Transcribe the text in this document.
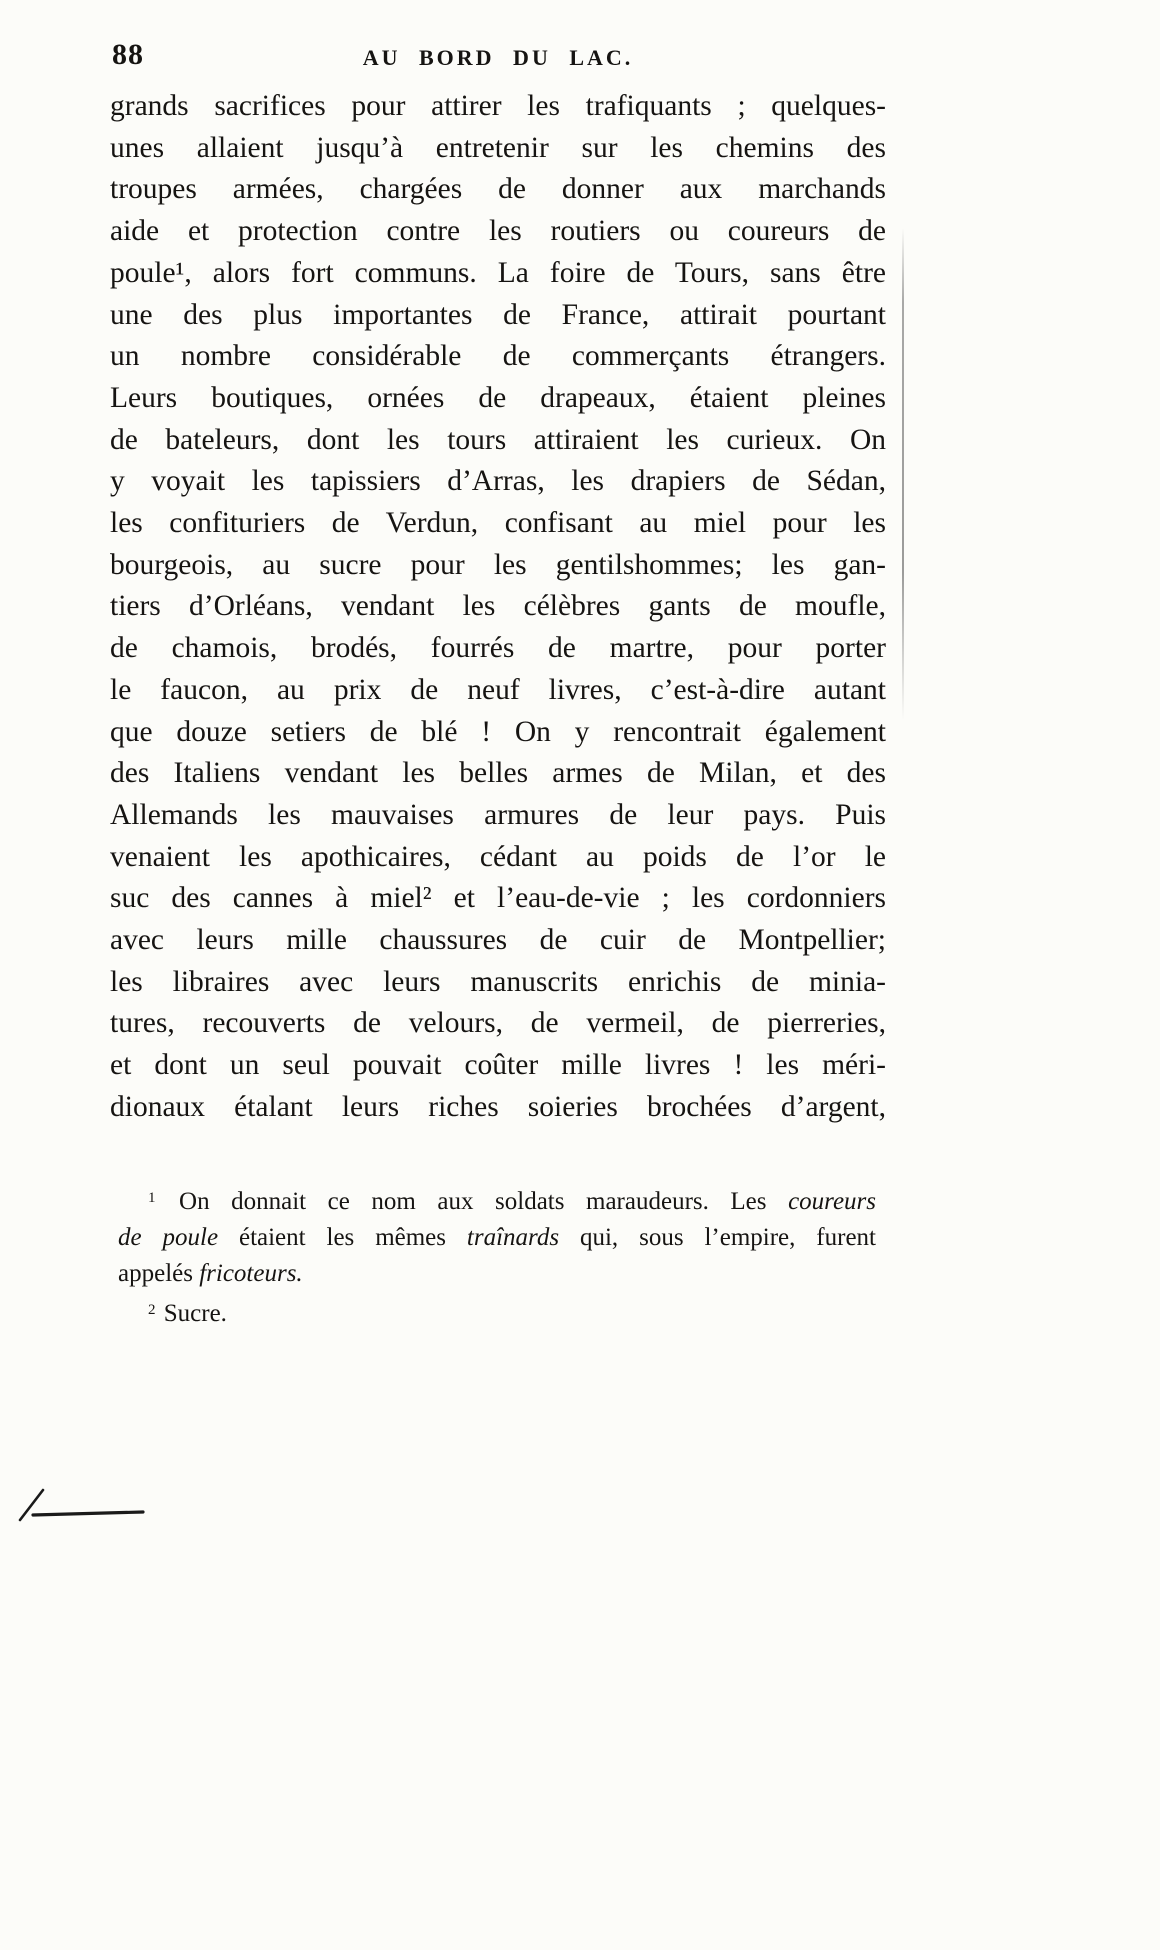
88	AU BORD DU LAC.
grands sacrifices pour attirer les trafiquants ; quelques-
unes allaient jusqu’à entretenir sur les chemins des
troupes armées, chargées de donner aux marchands
aide et protection contre les routiers ou coureurs de
poule¹, alors fort communs. La foire de Tours, sans être
une des plus importantes de France, attirait pourtant
un nombre considérable de commerçants étrangers.
Leurs boutiques, ornées de drapeaux, étaient pleines
de bateleurs, dont les tours attiraient les curieux. On
y voyait les tapissiers d’Arras, les drapiers de Sédan,
les confituriers de Verdun, confisant au miel pour les
bourgeois, au sucre pour les gentilshommes; les gan-
tiers d’Orléans, vendant les célèbres gants de moufle,
de chamois, brodés, fourrés de martre, pour porter
le faucon, au prix de neuf livres, c’est-à-dire autant
que douze setiers de blé ! On y rencontrait également
des Italiens vendant les belles armes de Milan, et des
Allemands les mauvaises armures de leur pays. Puis
venaient les apothicaires, cédant au poids de l’or le
suc des cannes à miel² et l’eau-de-vie ; les cordonniers
avec leurs mille chaussures de cuir de Montpellier;
les libraires avec leurs manuscrits enrichis de minia-
tures, recouverts de velours, de vermeil, de pierreries,
et dont un seul pouvait coûter mille livres ! les méri-
dionaux étalant leurs riches soieries brochées d’argent,
$^1$ On donnait ce nom aux soldats maraudeurs. Les coureurs
de poule étaient les mêmes traînards qui, sous l’empire, furent
appelés fricoteurs.
$^2$ Sucre.
